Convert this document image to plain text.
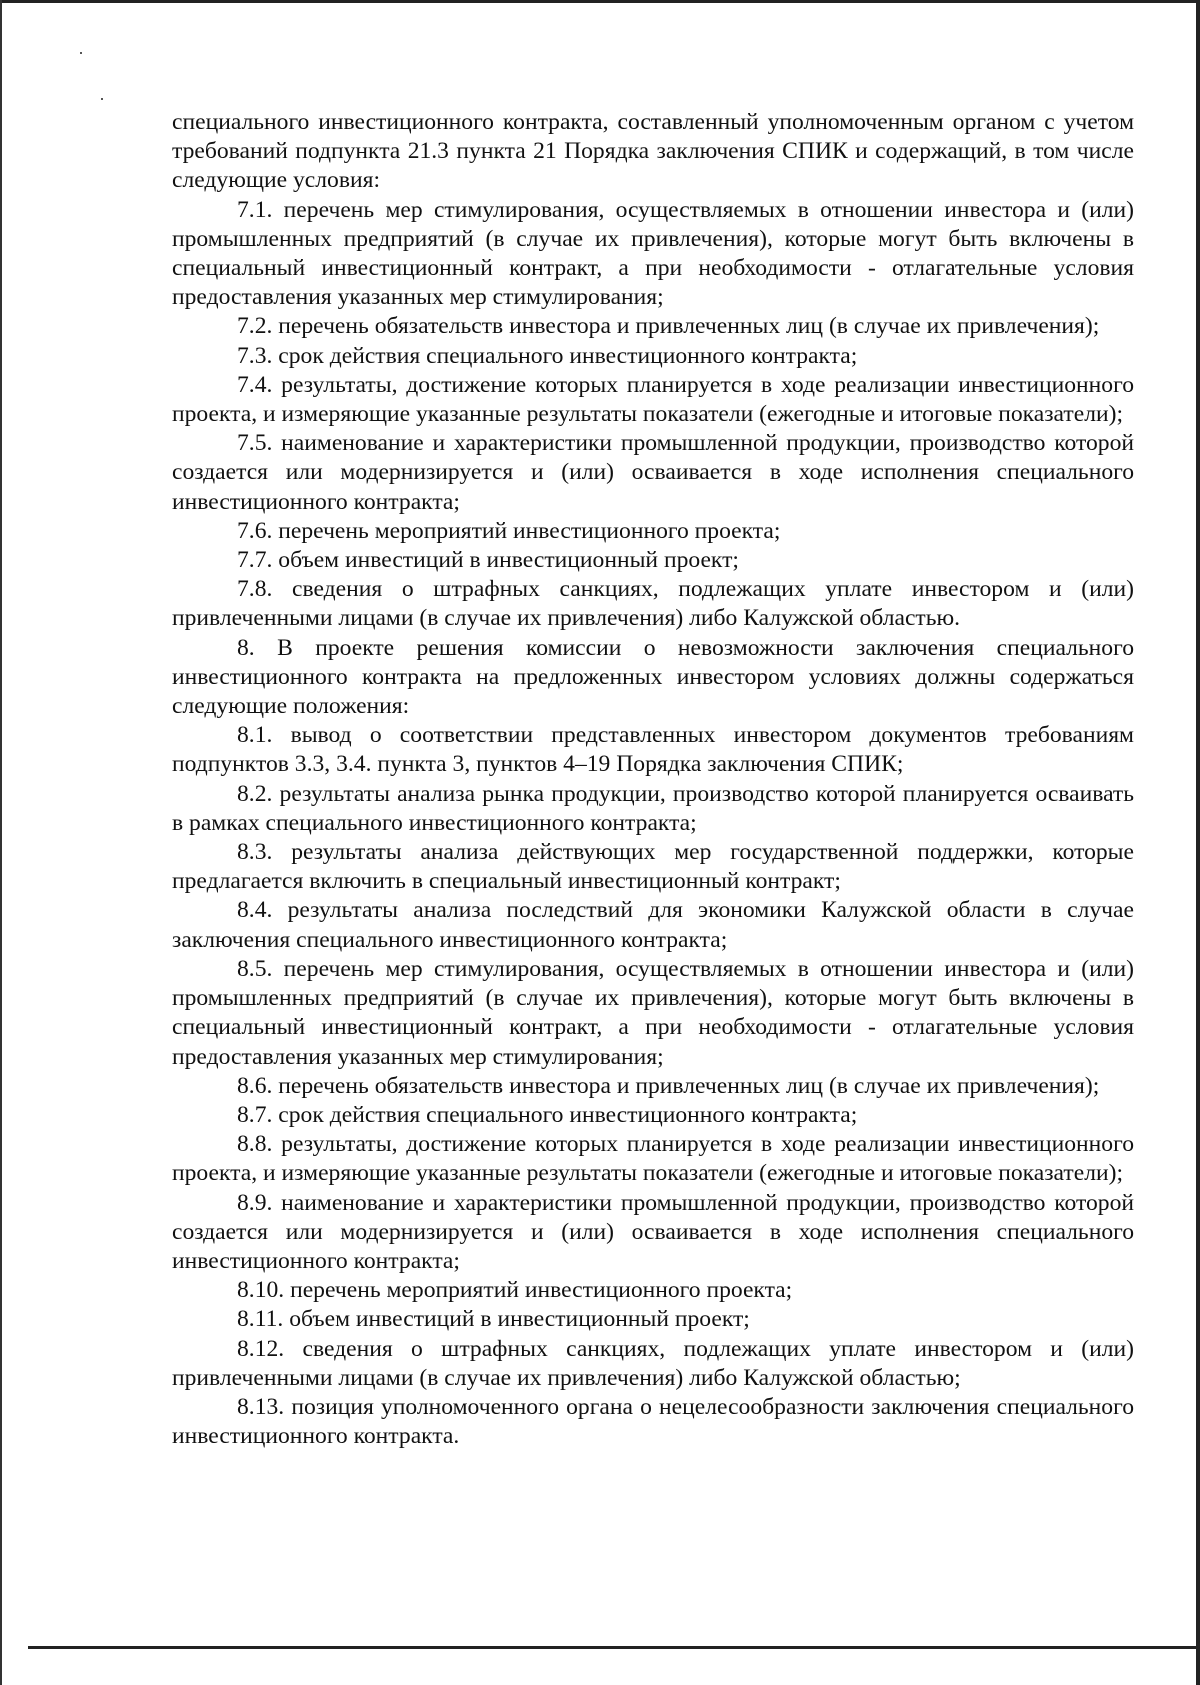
специального инвестиционного контракта, составленный уполномоченным органом с учетом требований подпункта 21.3 пункта 21 Порядка заключения СПИК и содержащий, в том числе следующие условия:

7.1. перечень мер стимулирования, осуществляемых в отношении инвестора и (или) промышленных предприятий (в случае их привлечения), которые могут быть включены в специальный инвестиционный контракт, а при необходимости - отлагательные условия предоставления указанных мер стимулирования;

7.2. перечень обязательств инвестора и привлеченных лиц (в случае их привлечения);

7.3. срок действия специального инвестиционного контракта;

7.4. результаты, достижение которых планируется в ходе реализации инвестиционного проекта, и измеряющие указанные результаты показатели (ежегодные и итоговые показатели);

7.5. наименование и характеристики промышленной продукции, производство которой создается или модернизируется и (или) осваивается в ходе исполнения специального инвестиционного контракта;

7.6. перечень мероприятий инвестиционного проекта;

7.7. объем инвестиций в инвестиционный проект;

7.8. сведения о штрафных санкциях, подлежащих уплате инвестором и (или) привлеченными лицами (в случае их привлечения) либо Калужской областью.

8. В проекте решения комиссии о невозможности заключения специального инвестиционного контракта на предложенных инвестором условиях должны содержаться следующие положения:

8.1. вывод о соответствии представленных инвестором документов требованиям подпунктов 3.3, 3.4. пункта 3, пунктов 4–19 Порядка заключения СПИК;

8.2. результаты анализа рынка продукции, производство которой планируется осваивать в рамках специального инвестиционного контракта;

8.3. результаты анализа действующих мер государственной поддержки, которые предлагается включить в специальный инвестиционный контракт;

8.4. результаты анализа последствий для экономики Калужской области в случае заключения специального инвестиционного контракта;

8.5. перечень мер стимулирования, осуществляемых в отношении инвестора и (или) промышленных предприятий (в случае их привлечения), которые могут быть включены в специальный инвестиционный контракт, а при необходимости - отлагательные условия предоставления указанных мер стимулирования;

8.6. перечень обязательств инвестора и привлеченных лиц (в случае их привлечения);

8.7. срок действия специального инвестиционного контракта;

8.8. результаты, достижение которых планируется в ходе реализации инвестиционного проекта, и измеряющие указанные результаты показатели (ежегодные и итоговые показатели);

8.9. наименование и характеристики промышленной продукции, производство которой создается или модернизируется и (или) осваивается в ходе исполнения специального инвестиционного контракта;

8.10. перечень мероприятий инвестиционного проекта;

8.11. объем инвестиций в инвестиционный проект;

8.12. сведения о штрафных санкциях, подлежащих уплате инвестором и (или) привлеченными лицами (в случае их привлечения) либо Калужской областью;

8.13. позиция уполномоченного органа о нецелесообразности заключения специального инвестиционного контракта.
